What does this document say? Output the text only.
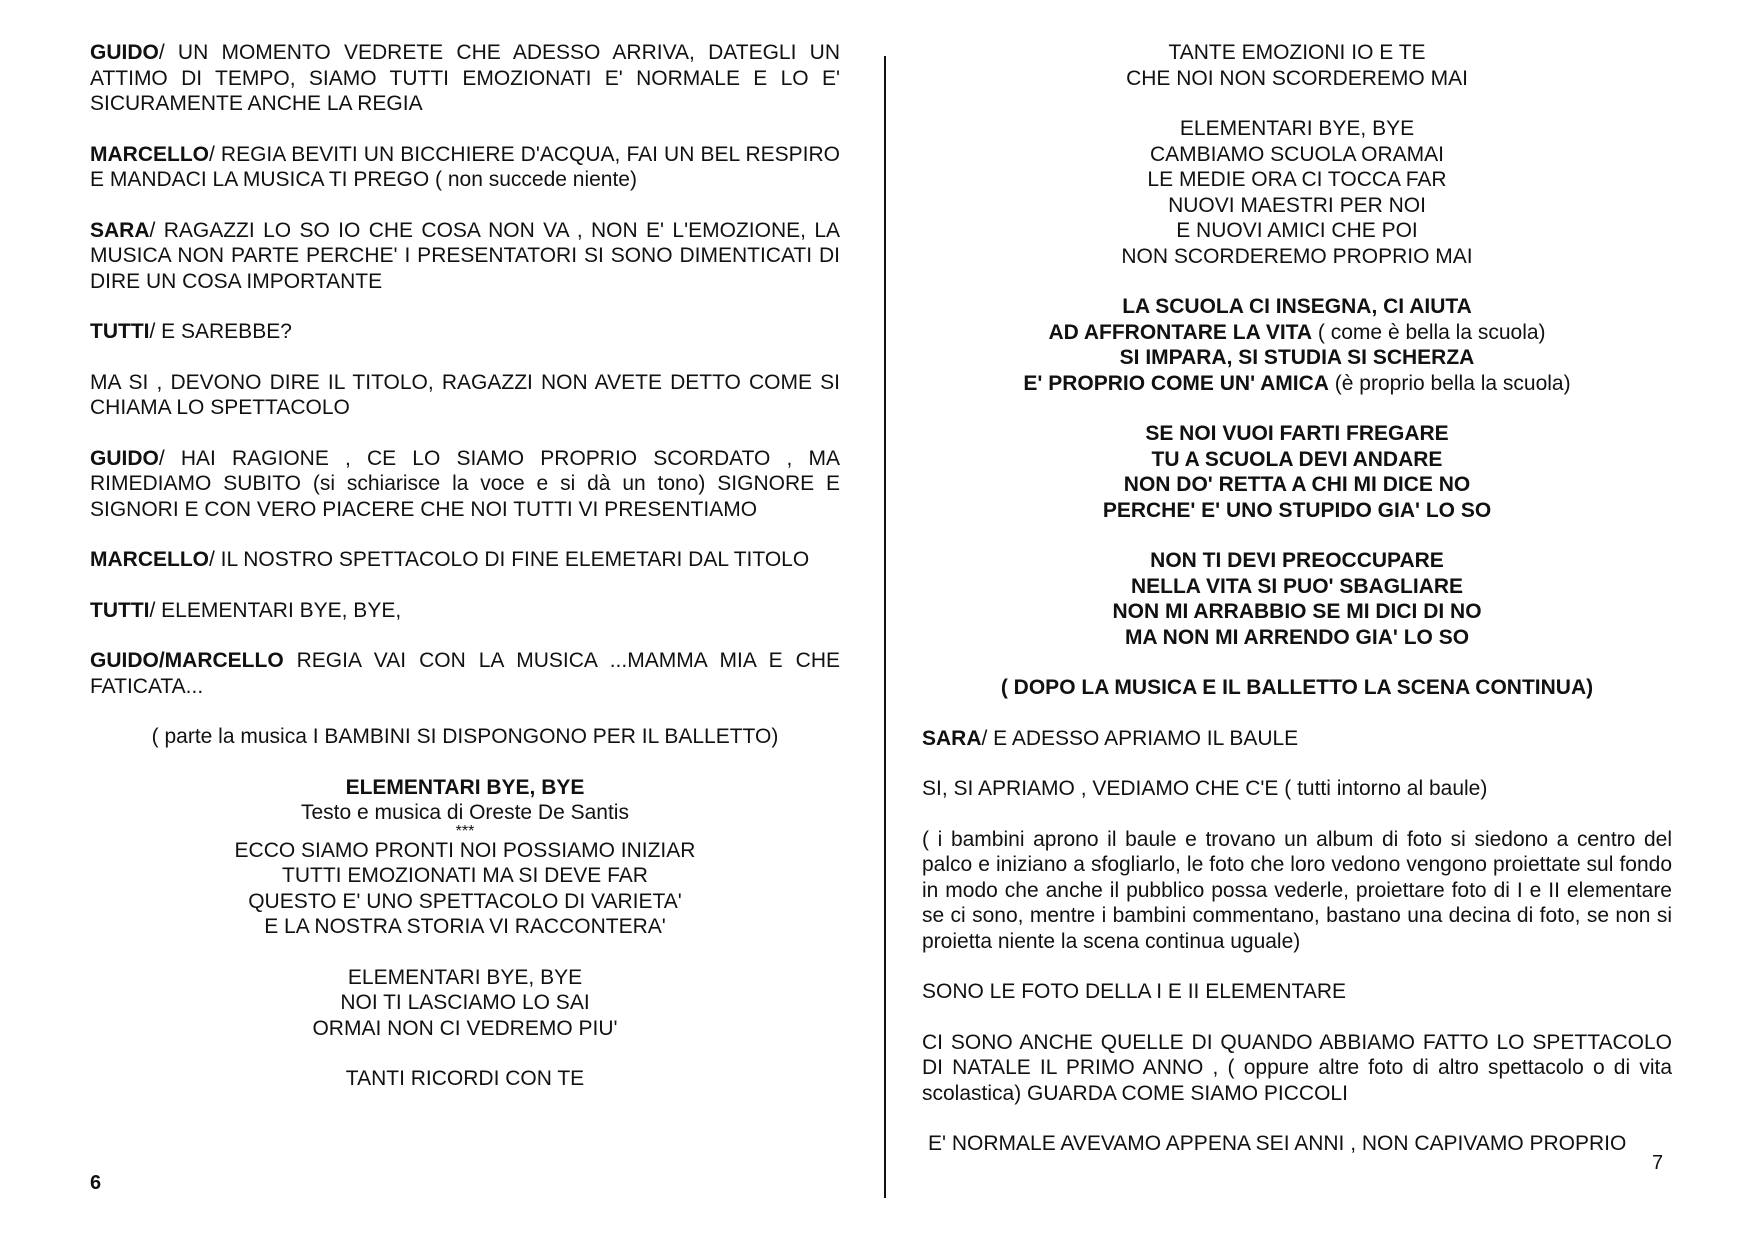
GUIDO/ UN MOMENTO VEDRETE CHE ADESSO ARRIVA, DATEGLI UN ATTIMO DI TEMPO, SIAMO TUTTI EMOZIONATI E' NORMALE E LO E' SICURAMENTE ANCHE LA REGIA

MARCELLO/ REGIA BEVITI UN BICCHIERE D'ACQUA, FAI UN BEL RESPIRO E MANDACI LA MUSICA TI PREGO ( non succede niente)

SARA/ RAGAZZI LO SO IO CHE COSA NON VA , NON E' L'EMOZIONE, LA MUSICA NON PARTE PERCHE' I PRESENTATORI SI SONO DIMENTICATI DI DIRE UN COSA IMPORTANTE

TUTTI/ E SAREBBE?

MA SI , DEVONO DIRE IL TITOLO, RAGAZZI NON AVETE DETTO COME SI CHIAMA LO SPETTACOLO

GUIDO/ HAI RAGIONE , CE LO SIAMO PROPRIO SCORDATO , MA RIMEDIAMO SUBITO (si schiarisce la voce e si dà un tono) SIGNORE E SIGNORI E CON VERO PIACERE CHE NOI TUTTI VI PRESENTIAMO

MARCELLO/ IL NOSTRO SPETTACOLO DI FINE ELEMETARI DAL TITOLO

TUTTI/ ELEMENTARI BYE, BYE,

GUIDO/MARCELLO REGIA VAI CON LA MUSICA ...MAMMA MIA E CHE FATICATA...

( parte la musica I BAMBINI SI DISPONGONO PER IL BALLETTO)

ELEMENTARI BYE, BYE
Testo e musica di Oreste De Santis
***
ECCO SIAMO PRONTI NOI POSSIAMO INIZIAR
TUTTI EMOZIONATI MA SI DEVE FAR
QUESTO E' UNO SPETTACOLO DI VARIETA'
E LA NOSTRA STORIA VI RACCONTERA'
ELEMENTARI BYE, BYE
NOI TI LASCIAMO LO SAI
ORMAI NON CI VEDREMO PIU'
TANTI RICORDI CON TE
6
TANTE EMOZIONI IO E TE
CHE NOI NON SCORDEREMO MAI
ELEMENTARI BYE, BYE
CAMBIAMO SCUOLA ORAMAI
LE MEDIE ORA CI TOCCA FAR
NUOVI MAESTRI PER NOI
E NUOVI AMICI CHE POI
NON SCORDEREMO PROPRIO MAI
LA SCUOLA CI INSEGNA, CI AIUTA
AD AFFRONTARE LA VITA ( come è bella la scuola)
SI IMPARA, SI STUDIA SI SCHERZA
E' PROPRIO COME UN' AMICA (è proprio bella la scuola)
SE NOI VUOI FARTI FREGARE
TU A SCUOLA DEVI ANDARE
NON DO' RETTA A CHI MI DICE NO
PERCHE' E' UNO STUPIDO GIA' LO SO
NON TI DEVI PREOCCUPARE
NELLA VITA SI PUO' SBAGLIARE
NON MI ARRABBIO SE MI DICI DI NO
MA NON MI ARRENDO GIA' LO SO

( DOPO LA MUSICA E IL BALLETTO LA SCENA CONTINUA)

SARA/ E ADESSO APRIAMO IL BAULE

SI, SI APRIAMO , VEDIAMO CHE C'E ( tutti intorno al baule)

( i bambini aprono il baule e trovano un album di foto si siedono a centro del palco e iniziano a sfogliarlo, le foto che loro vedono vengono proiettate sul fondo in modo che anche il pubblico possa vederle, proiettare foto di I e II elementare se ci sono, mentre i bambini commentano, bastano una decina di foto, se non si proietta niente la scena continua uguale)

SONO LE FOTO DELLA I E II ELEMENTARE

CI SONO ANCHE QUELLE DI QUANDO ABBIAMO FATTO LO SPETTACOLO DI NATALE IL PRIMO ANNO , ( oppure altre foto di altro spettacolo o di vita scolastica) GUARDA COME SIAMO PICCOLI

E' NORMALE AVEVAMO APPENA SEI ANNI , NON CAPIVAMO PROPRIO

7
